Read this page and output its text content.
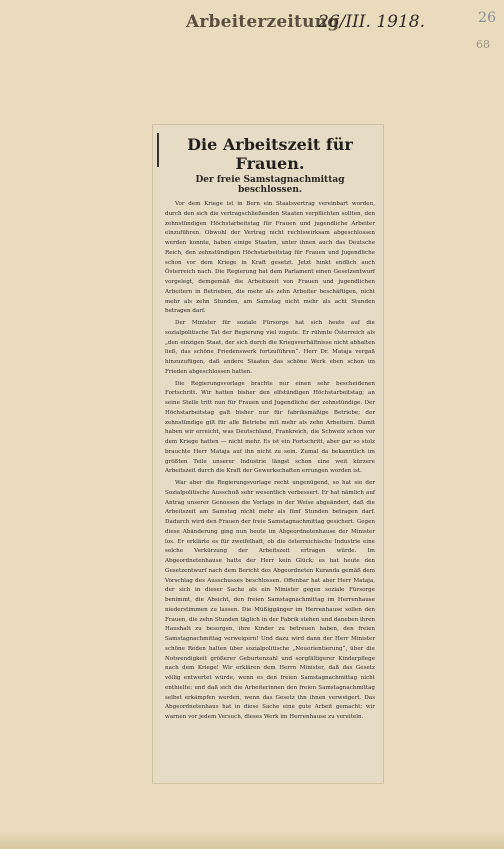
Arbeiterzeitung
26/III. 1918.	26
68
Die Arbeitszeit für Frauen.
Der freie Samstagnachmittag beschlossen.

Vor dem Kriege ist in Bern ein Staatsvertrag vereinbart worden, durch den sich die vertragschließenden Staaten verpflichten sollten, den zehnstündigen Höchstarbeitstag für Frauen und jugendliche Arbeiter einzuführen. Obwohl der Vertrag nicht rechtswirksam abgeschlossen werden konnte, haben einige Staaten, unter ihnen auch das Deutsche Reich, den zehnstündigen Höchstarbeitstag für Frauen und Jugendliche schon vor dem Kriege in Kraft gesetzt. Jetzt hinkt endlich auch Österreich nach. Die Regierung hat dem Parlament einen Gesetzentwurf vorgelegt, demgemäß die Arbeitszeit von Frauen und jugendlichen Arbeitern in Betrieben, die mehr als zehn Arbeiter beschäftigen, nicht mehr als zehn Stunden, am Samstag nicht mehr als acht Stunden betragen darf.

Der Minister für soziale Fürsorge hat sich heute auf die sozialpolitische Tat der Regierung viel zugute. Er rühmte Österreich als „den einzigen Staat, der sich durch die Kriegsverhältnisse nicht abhalten ließ, das schöne Friedenswerk fortzuführen“. Herr Dr. Mataja vergaß hinzuzufügen, daß andere Staaten das schöne Werk eben schon im Frieden abgeschlossen hatten.

Die Regierungsvorlage brachte nur einen sehr bescheidenen Fortschritt. Wir hatten bisher den elfstündigen Höchstarbeitstag; an seine Stelle tritt nun für Frauen und Jugendliche der zehnstündige. Der Höchstarbeitstag galt bisher nur für fabriksmäßige Betriebe; der zehnstündige gilt für alle Betriebe mit mehr als zehn Arbeitern. Damit haben wir erreicht, was Deutschland, Frankreich, die Schweiz schon vor dem Kriege hatten — nicht mehr. Es ist ein Fortschritt, aber gar so stolz brauchte Herr Mataja auf ihn nicht zu sein. Zumal da bekanntlich im größten Teile unserer Industrie längst schon eine weit kürzere Arbeitszeit durch die Kraft der Gewerkschaften errungen worden ist.

War aber die Regierungsvorlage recht ungenügend, so hat sie der Sozialpolitische Ausschuß sehr wesentlich verbessert. Er hat nämlich auf Antrag unserer Genossen die Vorlage in der Weise abgeändert, daß die Arbeitszeit am Samstag nicht mehr als fünf Stunden betragen darf. Dadurch wird den Frauen der freie Samstagnachmittag gesichert. Gegen diese Abänderung ging nun heute im Abgeordnetenhause der Minister los. Er erklärte es für zweifelhaft, ob die österreichische Industrie eine solche Verkürzung der Arbeitszeit ertragen würde. Im Abgeordnetenhause hatte der Herr kein Glück; es hat heute den Gesetzentwurf nach dem Bericht des Abgeordneten Kuranda gemäß dem Vorschlag des Ausschusses beschlossen. Offenbar hat aber Herr Mataja, der sich in dieser Sache als ein Minister gegen soziale Fürsorge benimmt, die Absicht, den freien Samstagnachmittag im Herrenhause niederstimmen zu lassen. Die Müßiggänger im Herrenhause sollen den Frauen, die zehn Stunden täglich in der Fabrik stehen und daneben ihren Haushalt zu besorgen, ihre Kinder zu betreuen haben, den freien Samstagnachmittag verweigern! Und dazu wird dann der Herr Minister schöne Reden halten über sozialpolitische „Neuorientierung“, über die Notwendigkeit größerer Geburtenzahl und sorgfältigerer Kinderpflege nach dem Kriege! Wir erklären dem Herrn Minister, daß das Gesetz völlig entwertet würde, wenn es den freien Samstagnachmittag nicht enthielte; und daß sich die Arbeiterinnen den freien Samstagnachmittag selbst erkämpfen werden, wenn das Gesetz ihn ihnen verweigert. Das Abgeordnetenhaus hat in diese Sache eine gute Arbeit gemacht; wir warnen vor jedem Versuch, dieses Werk im Herrenhause zu vereiteln.
